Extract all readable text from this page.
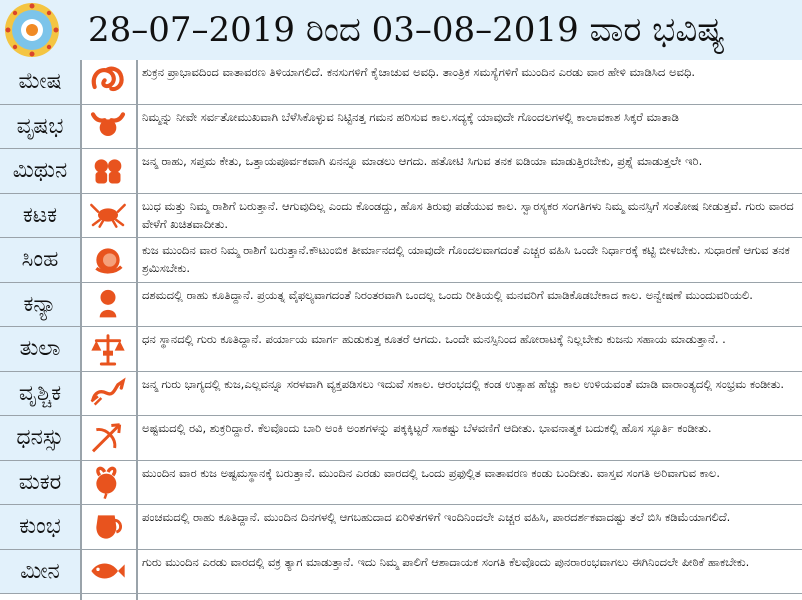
28–07–2019 ರಿಂದ 03–08–2019 ವಾರ ಭವಿಷ್ಯ
ಮೇಷ	ಶುಕ್ರನ ಪ್ರಾಭಾವದಿಂದ ವಾತಾವರಣ ತಿಳಿಯಾಗಲಿದೆ. ಕನಸುಗಳಿಗೆ ಕೈಚಾಚುವ ಅವಧಿ. ತಾಂತ್ರಿಕ ಸಮಸ್ಯೆಗಳಿಗೆ ಮುಂದಿನ ಎರಡು ವಾರ ಹೇಳಿ ಮಾಡಿಸಿದ ಅವಧಿ.
ವೃಷಭ	ನಿಮ್ಮನ್ನು ನೀವೇ ಸರ್ವತೋಮುಖವಾಗಿ ಬೆಳೆಸಿಕೊಳ್ಳುವ ನಿಟ್ಟಿನತ್ತ ಗಮನ ಹರಿಸುವ ಕಾಲ.ಸದ್ಯಕ್ಕೆ ಯಾವುದೇ ಗೊಂದಲಗಳಲ್ಲಿ ಕಾಲಾವಕಾಶ ಸಿಕ್ಕರೆ ಮಾತಾಡಿ
ಮಿಥುನ	ಜನ್ಮ ರಾಹು, ಸಪ್ತಮ ಕೇತು, ಒತ್ತಾಯಪೂರ್ವಕವಾಗಿ ಏನನ್ನೂ ಮಾಡಲು ಆಗದು. ಹತೋಟಿ ಸಿಗುವ ತನಕ ಐಡಿಯಾ ಮಾಡುತ್ತಿರಬೇಕು, ಪ್ರಶ್ನೆ ಮಾಡುತ್ತಲೇ ಇರಿ.
ಕಟಕ	ಬುಧ ಮತ್ತು ನಿಮ್ಮ ರಾಶಿಗೆ ಬರುತ್ತಾನೆ. ಆಗುವುದಿಲ್ಲ ಎಂದು ಕೊಂಡದ್ದು, ಹೊಸ ತಿರುವು ಪಡೆಯುವ ಕಾಲ. ಸ್ವಾರಸ್ಯಕರ ಸಂಗತಿಗಳು ನಿಮ್ಮ ಮನಸ್ಸಿಗೆ ಸಂತೋಷ ನೀಡುತ್ತವೆ. ಗುರು ವಾರದ ವೇಳೆಗೆ ಖಚಿತವಾದೀತು.
ಸಿಂಹ	ಕುಜ ಮುಂದಿನ ವಾರ ನಿಮ್ಮ ರಾಶಿಗೆ ಬರುತ್ತಾನೆ.ಕೌಟುಂಬಿಕ ತೀರ್ಮಾನದಲ್ಲಿ ಯಾವುದೇ ಗೊಂದಲವಾಗದಂತೆ ಎಚ್ಚರ ವಹಿಸಿ ಒಂದೇ ನಿರ್ಧಾರಕ್ಕೆ ಕಟ್ಟಿ ಬೀಳಬೇಕು. ಸುಧಾರಣೆ ಆಗುವ ತನಕ ಶ್ರಮಿಸಬೇಕು.
ಕನ್ಯಾ	ದಶಮದಲ್ಲಿ ರಾಹು ಕೂತಿದ್ದಾನೆ. ಪ್ರಯತ್ನ ವೈಫಲ್ಯವಾಗದಂತೆ ನಿರಂತರವಾಗಿ ಒಂದಲ್ಲ ಒಂದು ರೀತಿಯಲ್ಲಿ ಮನವರಿಗೆ ಮಾಡಿಕೊಡಬೇಕಾದ ಕಾಲ. ಅನ್ವೇಷಣೆ ಮುಂದುವರಿಯಲಿ.
ತುಲಾ	ಧನ ಸ್ಥಾನದಲ್ಲಿ ಗುರು ಕೂತಿದ್ದಾನೆ. ಪರ್ಯಾಯ ಮಾರ್ಗ ಹುಡುಕುತ್ತ ಕೂತರೆ ಆಗದು. ಒಂದೇ ಮನಸ್ಸಿನಿಂದ ಹೋರಾಟಕ್ಕೆ ನಿಲ್ಲಬೇಕು ಕುಜನು ಸಹಾಯ ಮಾಡುತ್ತಾನೆ. .
ವೃಶ್ಚಿಕ	ಜನ್ಮ ಗುರು ಭಾಗ್ಯದಲ್ಲಿ ಕುಜ,ಎಲ್ಲವನ್ನೂ ಸರಳವಾಗಿ ವ್ಯಕ್ತಪಡಿಸಲು ಇದುವೆ ಸಕಾಲ. ಆರಂಭದಲ್ಲಿ ಕಂಡ ಉತ್ಸಾಹ ಹೆಚ್ಚು ಕಾಲ ಉಳಿಯವಂತೆ ಮಾಡಿ ವಾರಾಂತ್ಯದಲ್ಲಿ ಸಂಭ್ರಮ ಕಂಡೀತು.
ಧನಸ್ಸು	ಅಷ್ಟಮದಲ್ಲಿ ರವಿ, ಶುಕ್ರರಿದ್ದಾರೆ. ಕೆಲವೊಂದು ಬಾರಿ ಅಂಕಿ ಅಂಶಗಳನ್ನು ಪಕ್ಕಕ್ಕಿಟ್ಟರೆ ಸಾಕಷ್ಟು ಬೆಳವಣಿಗೆ ಆದೀತು. ಭಾವನಾತ್ಮಕ ಬದುಕಲ್ಲಿ ಹೊಸ ಸ್ಫೂರ್ತಿ ಕಂಡೀತು.
ಮಕರ	ಮುಂದಿನ ವಾರ ಕುಜ ಅಷ್ಟಮಸ್ಥಾನಕ್ಕೆ ಬರುತ್ತಾನೆ. ಮುಂದಿನ ಎರಡು ವಾರದಲ್ಲಿ ಒಂದು ಪ್ರಫುಲ್ಲಿತ ವಾತಾವರಣ ಕಂಡು ಬಂದೀತು. ವಾಸ್ತವ ಸಂಗತಿ ಅರಿವಾಗುವ ಕಾಲ.
ಕುಂಭ	ಪಂಚಮದಲ್ಲಿ ರಾಹು ಕೂತಿದ್ದಾನೆ. ಮುಂದಿನ ದಿನಗಳಲ್ಲಿ ಆಗಬಹುದಾದ ಏರಿಳಿತಗಳಿಗೆ ಇಂದಿನಿಂದಲೇ ಎಚ್ಚರ ವಹಿಸಿ, ಪಾರದರ್ಶಕವಾದಷ್ಟು ತಲೆ ಬಿಸಿ ಕಡಿಮೆಯಾಗಲಿದೆ.
ಮೀನ	ಗುರು ಮುಂದಿನ ಎರಡು ವಾರದಲ್ಲಿ ವಕ್ರ ತ್ಯಾಗ ಮಾಡುತ್ತಾನೆ. ಇದು ನಿಮ್ಮ ಪಾಲಿಗೆ ಆಶಾದಾಯಕ ಸಂಗತಿ ಕೆಲವೊಂದು ಪುನರಾರಂಭವಾಗಲು ಈಗಿನಿಂದಲೇ ಪೀಠಿಕೆ ಹಾಕಬೇಕು.
